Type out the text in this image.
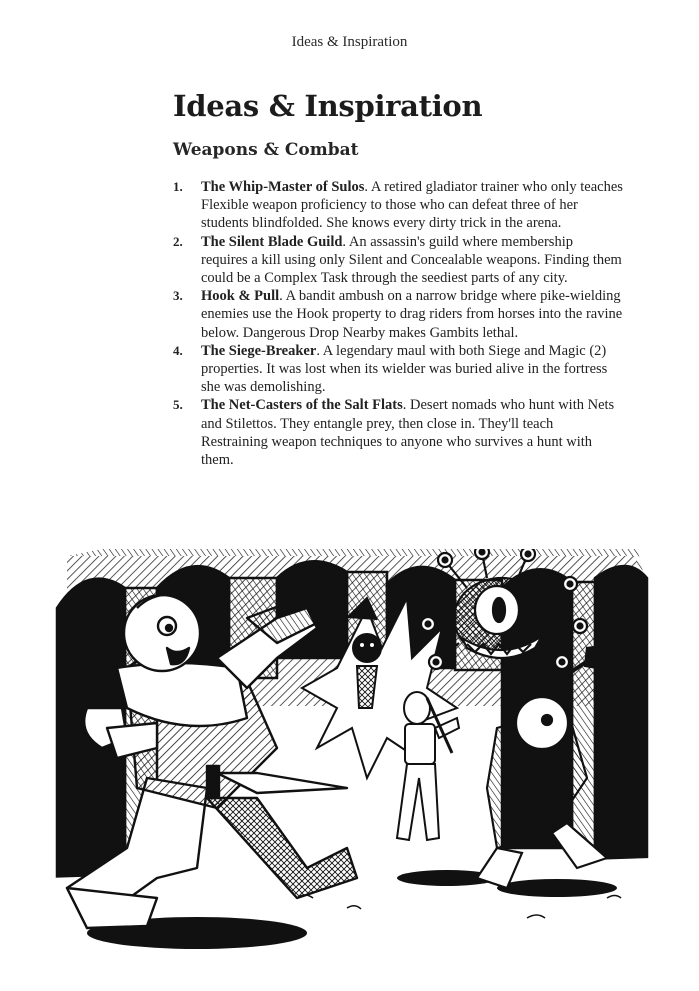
Ideas & Inspiration
Ideas & Inspiration
Weapons & Combat
1. The Whip-Master of Sulos. A retired gladiator trainer who only teaches Flexible weapon proficiency to those who can defeat three of her students blindfolded. She knows every dirty trick in the arena.
2. The Silent Blade Guild. An assassin's guild where membership requires a kill using only Silent and Concealable weapons. Finding them could be a Complex Task through the seediest parts of any city.
3. Hook & Pull. A bandit ambush on a narrow bridge where pike-wielding enemies use the Hook property to drag riders from horses into the ravine below. Dangerous Drop Nearby makes Gambits lethal.
4. The Siege-Breaker. A legendary maul with both Siege and Magic (2) properties. It was lost when its wielder was buried alive in the fortress she was demolishing.
5. The Net-Casters of the Salt Flats. Desert nomads who hunt with Nets and Stilettos. They entangle prey, then close in. They'll teach Restraining weapon techniques to anyone who survives a hunt with them.
